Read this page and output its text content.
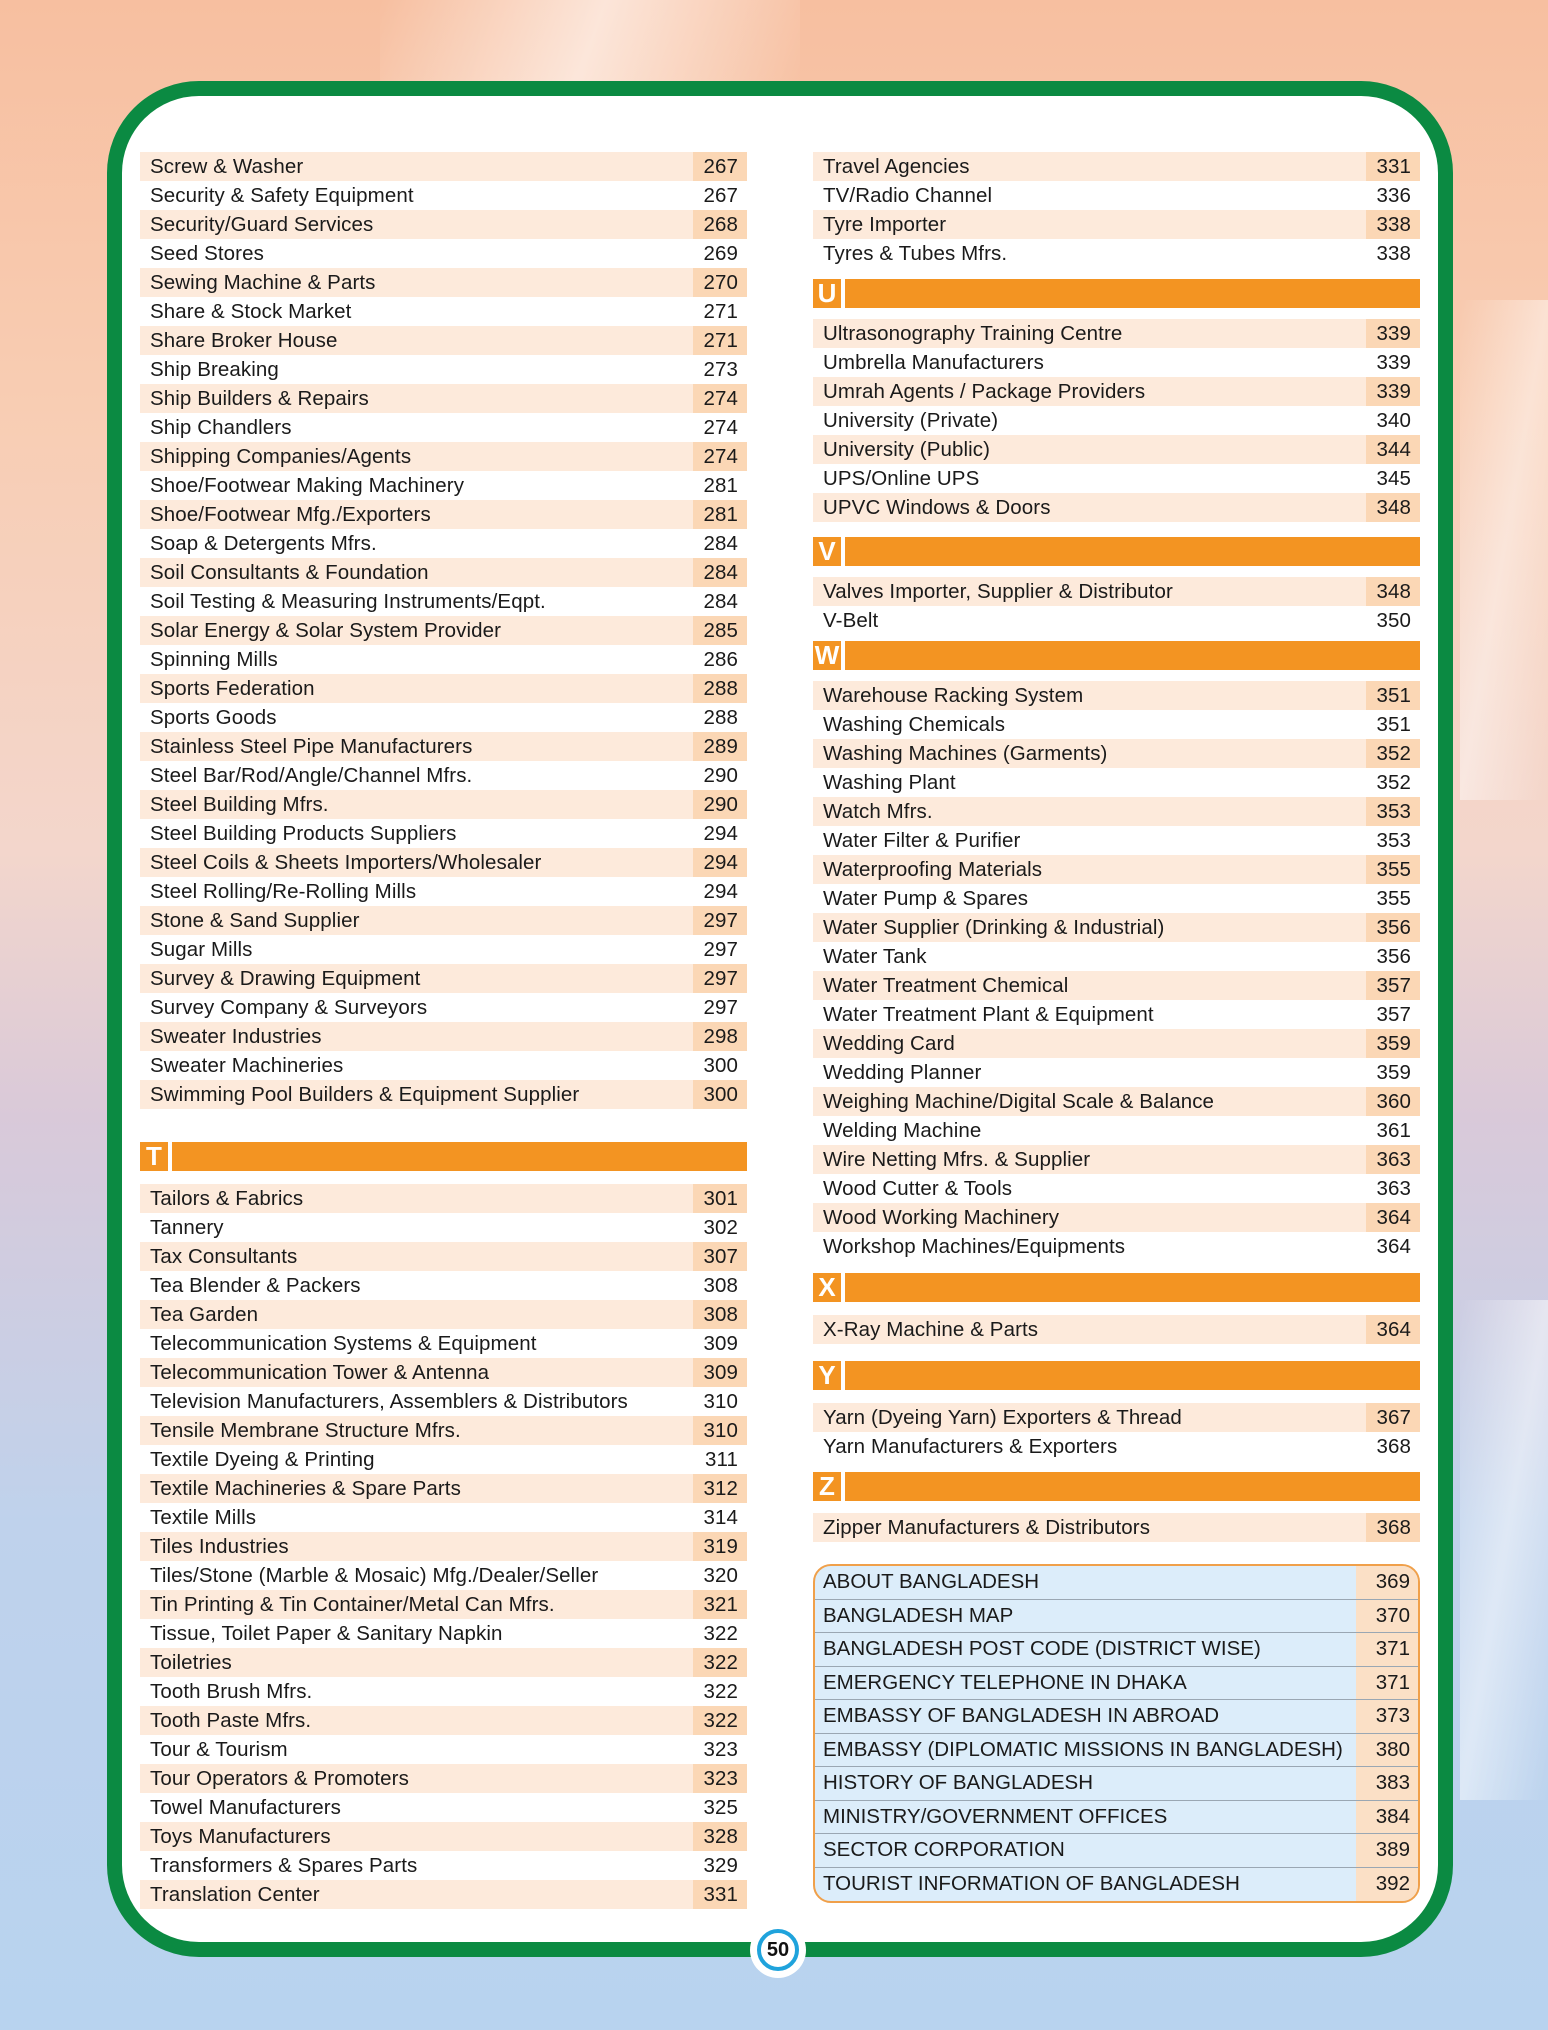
Screw & Washer	267
Security & Safety Equipment	267
Security/Guard Services	268
Seed Stores	269
Sewing Machine & Parts	270
Share & Stock Market	271
Share Broker House	271
Ship Breaking	273
Ship Builders & Repairs	274
Ship Chandlers	274
Shipping Companies/Agents	274
Shoe/Footwear Making Machinery	281
Shoe/Footwear Mfg./Exporters	281
Soap & Detergents Mfrs.	284
Soil Consultants & Foundation	284
Soil Testing & Measuring Instruments/Eqpt.	284
Solar Energy & Solar System Provider	285
Spinning Mills	286
Sports Federation	288
Sports Goods	288
Stainless Steel Pipe Manufacturers	289
Steel Bar/Rod/Angle/Channel Mfrs.	290
Steel Building Mfrs.	290
Steel Building Products Suppliers	294
Steel Coils & Sheets Importers/Wholesaler	294
Steel Rolling/Re-Rolling Mills	294
Stone & Sand Supplier	297
Sugar Mills	297
Survey & Drawing Equipment	297
Survey Company & Surveyors	297
Sweater Industries	298
Sweater Machineries	300
Swimming Pool Builders & Equipment Supplier	300
T
Tailors & Fabrics	301
Tannery	302
Tax Consultants	307
Tea Blender & Packers	308
Tea Garden	308
Telecommunication Systems & Equipment	309
Telecommunication Tower & Antenna	309
Television Manufacturers, Assemblers & Distributors	310
Tensile Membrane Structure Mfrs.	310
Textile Dyeing & Printing	311
Textile Machineries & Spare Parts	312
Textile Mills	314
Tiles Industries	319
Tiles/Stone (Marble & Mosaic) Mfg./Dealer/Seller	320
Tin Printing & Tin Container/Metal Can Mfrs.	321
Tissue, Toilet Paper & Sanitary Napkin	322
Toiletries	322
Tooth Brush Mfrs.	322
Tooth Paste Mfrs.	322
Tour & Tourism	323
Tour Operators & Promoters	323
Towel Manufacturers	325
Toys Manufacturers	328
Transformers & Spares Parts	329
Translation Center	331
Travel Agencies	331
TV/Radio Channel	336
Tyre Importer	338
Tyres & Tubes Mfrs.	338
U
Ultrasonography Training Centre	339
Umbrella Manufacturers	339
Umrah Agents / Package Providers	339
University (Private)	340
University (Public)	344
UPS/Online UPS	345
UPVC Windows & Doors	348
V
Valves Importer, Supplier & Distributor	348
V-Belt	350
W
Warehouse Racking System	351
Washing Chemicals	351
Washing Machines (Garments)	352
Washing Plant	352
Watch Mfrs.	353
Water Filter & Purifier	353
Waterproofing Materials	355
Water Pump & Spares	355
Water Supplier (Drinking & Industrial)	356
Water Tank	356
Water Treatment Chemical	357
Water Treatment Plant & Equipment	357
Wedding Card	359
Wedding Planner	359
Weighing Machine/Digital Scale & Balance	360
Welding Machine	361
Wire Netting Mfrs. & Supplier	363
Wood Cutter & Tools	363
Wood Working Machinery	364
Workshop Machines/Equipments	364
X
X-Ray Machine & Parts	364
Y
Yarn (Dyeing Yarn) Exporters & Thread	367
Yarn Manufacturers & Exporters	368
Z
Zipper Manufacturers & Distributors	368
ABOUT BANGLADESH	369
BANGLADESH MAP	370
BANGLADESH POST CODE (DISTRICT WISE)	371
EMERGENCY TELEPHONE IN DHAKA	371
EMBASSY OF BANGLADESH IN ABROAD	373
EMBASSY (DIPLOMATIC MISSIONS IN BANGLADESH)	380
HISTORY OF BANGLADESH	383
MINISTRY/GOVERNMENT OFFICES	384
SECTOR CORPORATION	389
TOURIST INFORMATION OF BANGLADESH	392
50
